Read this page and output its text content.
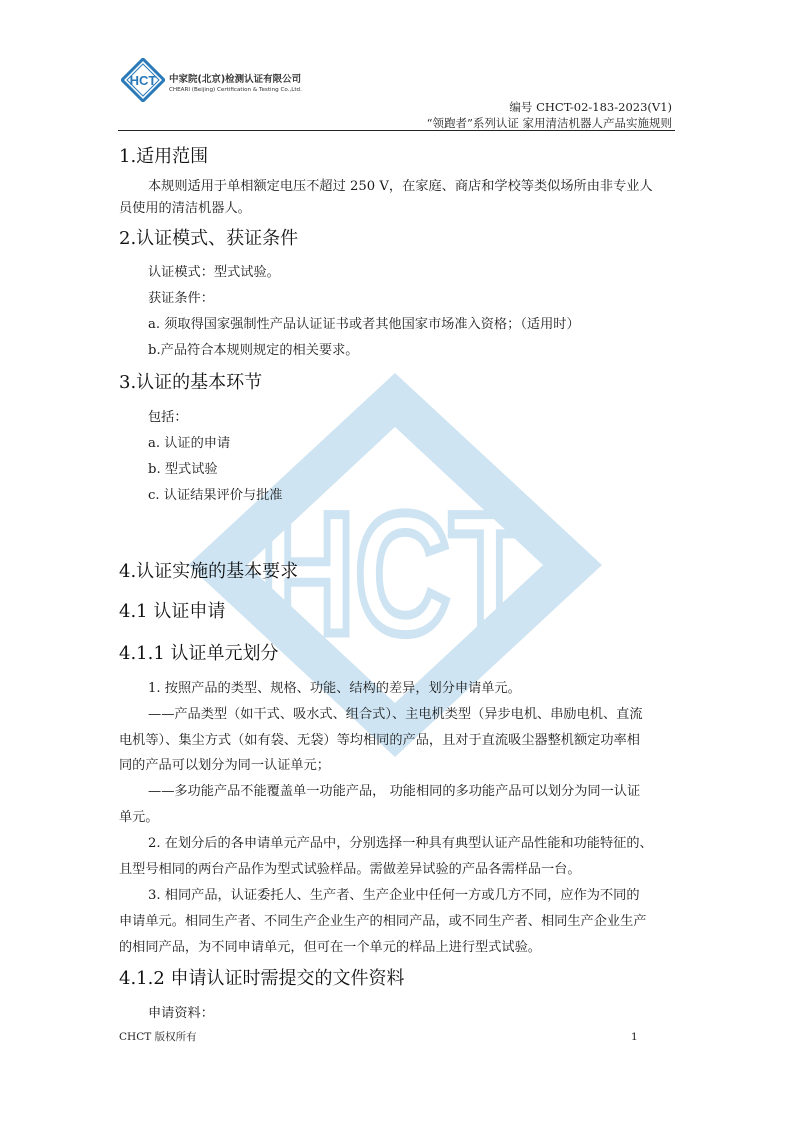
HCT
HCT 中家院(北京)检测认证有限公司
CHEARI (Beijing) Certification & Testing Co.,Ltd.
编号 CHCT-02-183-2023(V1)
“领跑者”系列认证 家用清洁机器人产品实施规则
1.适用范围
本规则适用于单相额定电压不超过 250 V，在家庭、商店和学校等类似场所由非专业人
员使用的清洁机器人。
2.认证模式、获证条件
认证模式：型式试验。
获证条件：
a. 须取得国家强制性产品认证证书或者其他国家市场准入资格；（适用时）
b.产品符合本规则规定的相关要求。
3.认证的基本环节
包括：
a. 认证的申请
b. 型式试验
c. 认证结果评价与批准
4.认证实施的基本要求
4.1 认证申请
4.1.1 认证单元划分
1. 按照产品的类型、规格、功能、结构的差异，划分申请单元。
——产品类型（如干式、吸水式、组合式）、主电机类型（异步电机、串励电机、直流
电机等）、集尘方式（如有袋、无袋）等均相同的产品，且对于直流吸尘器整机额定功率相
同的产品可以划分为同一认证单元；
——多功能产品不能覆盖单一功能产品， 功能相同的多功能产品可以划分为同一认证
单元。
2. 在划分后的各申请单元产品中，分别选择一种具有典型认证产品性能和功能特征的、
且型号相同的两台产品作为型式试验样品。需做差异试验的产品各需样品一台。
3. 相同产品，认证委托人、生产者、生产企业中任何一方或几方不同，应作为不同的
申请单元。相同生产者、不同生产企业生产的相同产品，或不同生产者、相同生产企业生产
的相同产品，为不同申请单元，但可在一个单元的样品上进行型式试验。
4.1.2 申请认证时需提交的文件资料
申请资料：
CHCT 版权所有	1
